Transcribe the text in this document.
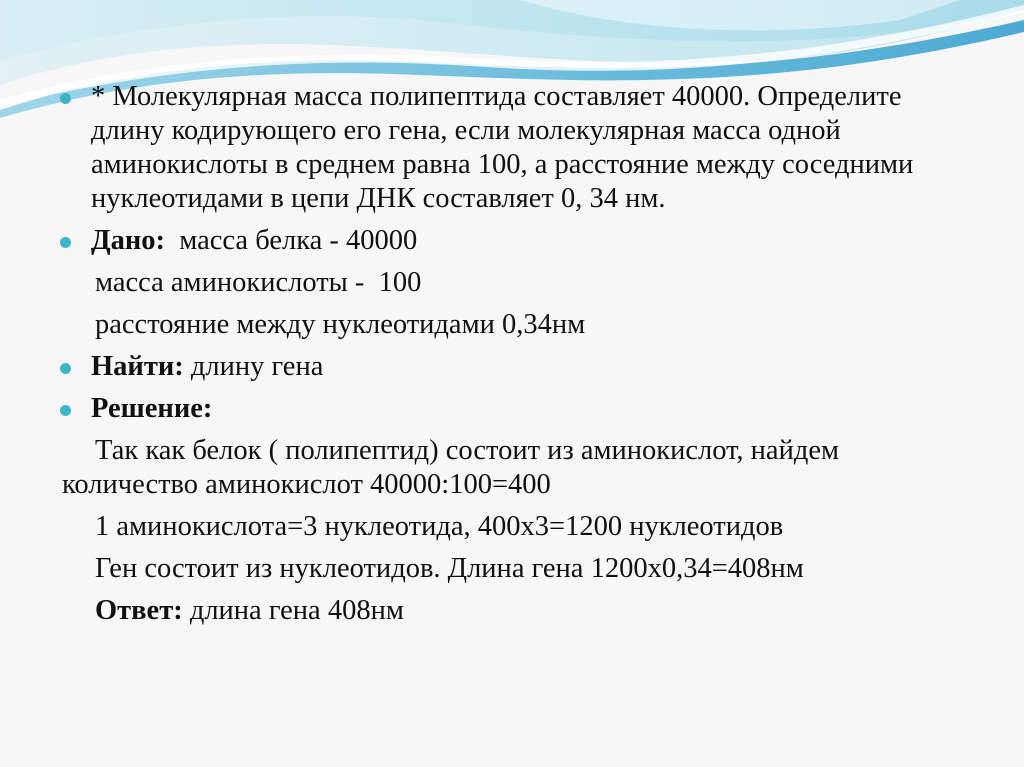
* Молекулярная масса полипептида составляет 40000. Определите длину кодирующего его гена, если молекулярная масса одной аминокислоты в среднем равна 100, а расстояние между соседними нуклеотидами в цепи ДНК составляет 0, 34 нм.
Дано:  масса белка - 40000
масса аминокислоты -  100
расстояние между нуклеотидами 0,34нм
Найти: длину гена
Решение:
Так как белок ( полипептид) состоит из аминокислот, найдем количество аминокислот 40000:100=400
1 аминокислота=3 нуклеотида, 400х3=1200 нуклеотидов
Ген состоит из нуклеотидов. Длина гена 1200х0,34=408нм
Ответ: длина гена 408нм
